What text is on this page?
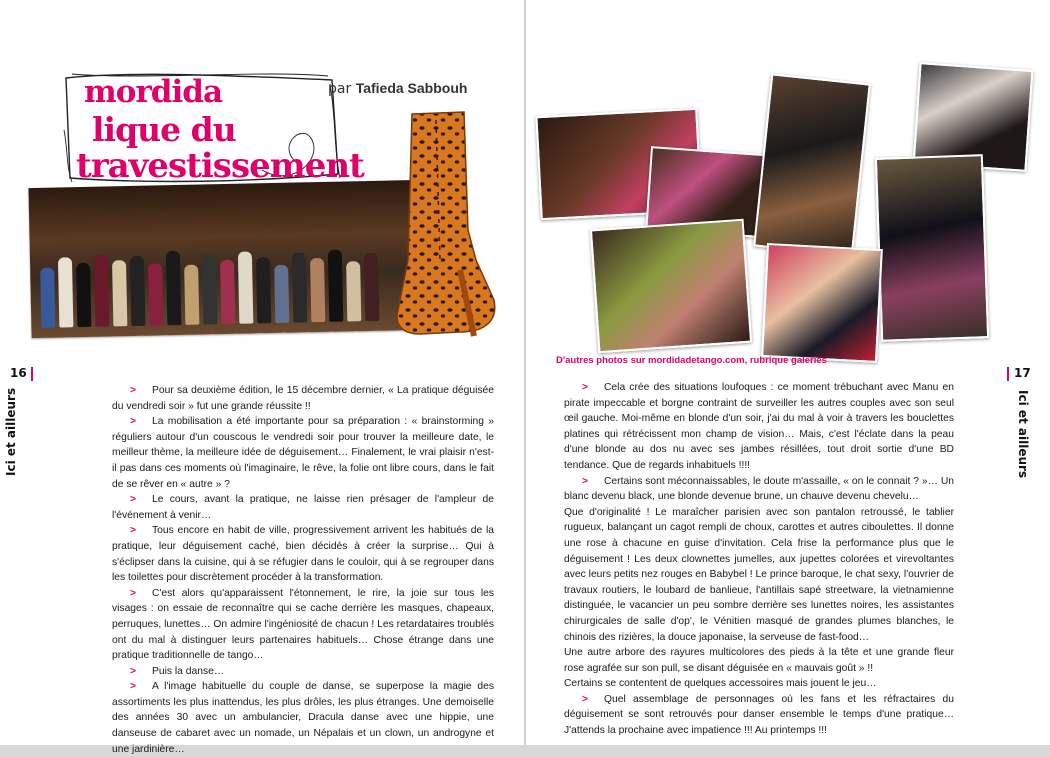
mordida
lique du
travestissement
par Tafieda Sabbouh
16
Ici et ailleurs	> Pour sa deuxième édition, le 15 décembre dernier, « La pratique déguisée du vendredi soir » fut une grande réussite !!

> La mobilisation a été importante pour sa préparation : « brainstorming » réguliers autour d'un couscous le vendredi soir pour trouver la meilleure date, le meilleur thème, la meilleure idée de déguisement… Finalement, le vrai plaisir n'est-il pas dans ces moments où l'imaginaire, le rêve, la folie ont libre cours, dans le fait de se rêver en « autre » ?

> Le cours, avant la pratique, ne laisse rien présager de l'ampleur de l'événement à venir…

> Tous encore en habit de ville, progressivement arrivent les habitués de la pratique, leur déguisement caché, bien décidés à créer la surprise… Qui à s'éclipser dans la cuisine, qui à se réfugier dans le couloir, qui à se regrouper dans les toilettes pour discrètement procéder à la transformation.

> C'est alors qu'apparaissent l'étonnement, le rire, la joie sur tous les visages : on essaie de reconnaître qui se cache derrière les masques, chapeaux, perruques, lunettes… On admire l'ingéniosité de chacun ! Les retardataires troublés ont du mal à distinguer leurs partenaires habituels… Chose étrange dans une pratique traditionnelle de tango…

> Puis la danse…

> A l'image habituelle du couple de danse, se superpose la magie des assortiments les plus inattendus, les plus drôles, les plus étranges. Une demoiselle des années 30 avec un ambulancier, Dracula danse avec une hippie, une danseuse de cabaret avec un nomade, un Népalais et un clown, un androgyne et une jardinière…

D'autres photos sur mordidadetango.com, rubrique galeries
17
Ici et ailleurs

> Cela crée des situations loufoques : ce moment trébuchant avec Manu en pirate impeccable et borgne contraint de surveiller les autres couples avec son seul œil gauche. Moi-même en blonde d'un soir, j'ai du mal à voir à travers les bouclettes platines qui rétrécissent mon champ de vision… Mais, c'est l'éclate dans la peau d'une blonde au dos nu avec ses jambes résillées, tout droit sortie d'une BD tendance. Que de regards inhabituels !!!!

> Certains sont méconnaissables, le doute m'assaille, « on le connait ? »… Un blanc devenu black, une blonde devenue brune, un chauve devenu chevelu…

Que d'originalité ! Le maraîcher parisien avec son pantalon retroussé, le tablier rugueux, balançant un cagot rempli de choux, carottes et autres ciboulettes. Il donne une rose à chacune en guise d'invitation. Cela frise la performance plus que le déguisement ! Les deux clownettes jumelles, aux jupettes colorées et virevoltantes avec leurs petits nez rouges en Babybel ! Le prince baroque, le chat sexy, l'ouvrier de travaux routiers, le loubard de banlieue, l'antillais sapé streetware, la vietnamienne distinguée, le vacancier un peu sombre derrière ses lunettes noires, les assistantes chirurgicales de salle d'op', le Vénitien masqué de grandes plumes blanches, le chinois des rizières, la douce japonaise, la serveuse de fast-food…

Une autre arbore des rayures multicolores des pieds à la tête et une grande fleur rose agrafée sur son pull, se disant déguisée en « mauvais goût » !!

Certains se contentent de quelques accessoires mais jouent le jeu…

> Quel assemblage de personnages où les fans et les réfractaires du déguisement se sont retrouvés pour danser ensemble le temps d'une pratique… J'attends la prochaine avec impatience !!! Au printemps !!!
